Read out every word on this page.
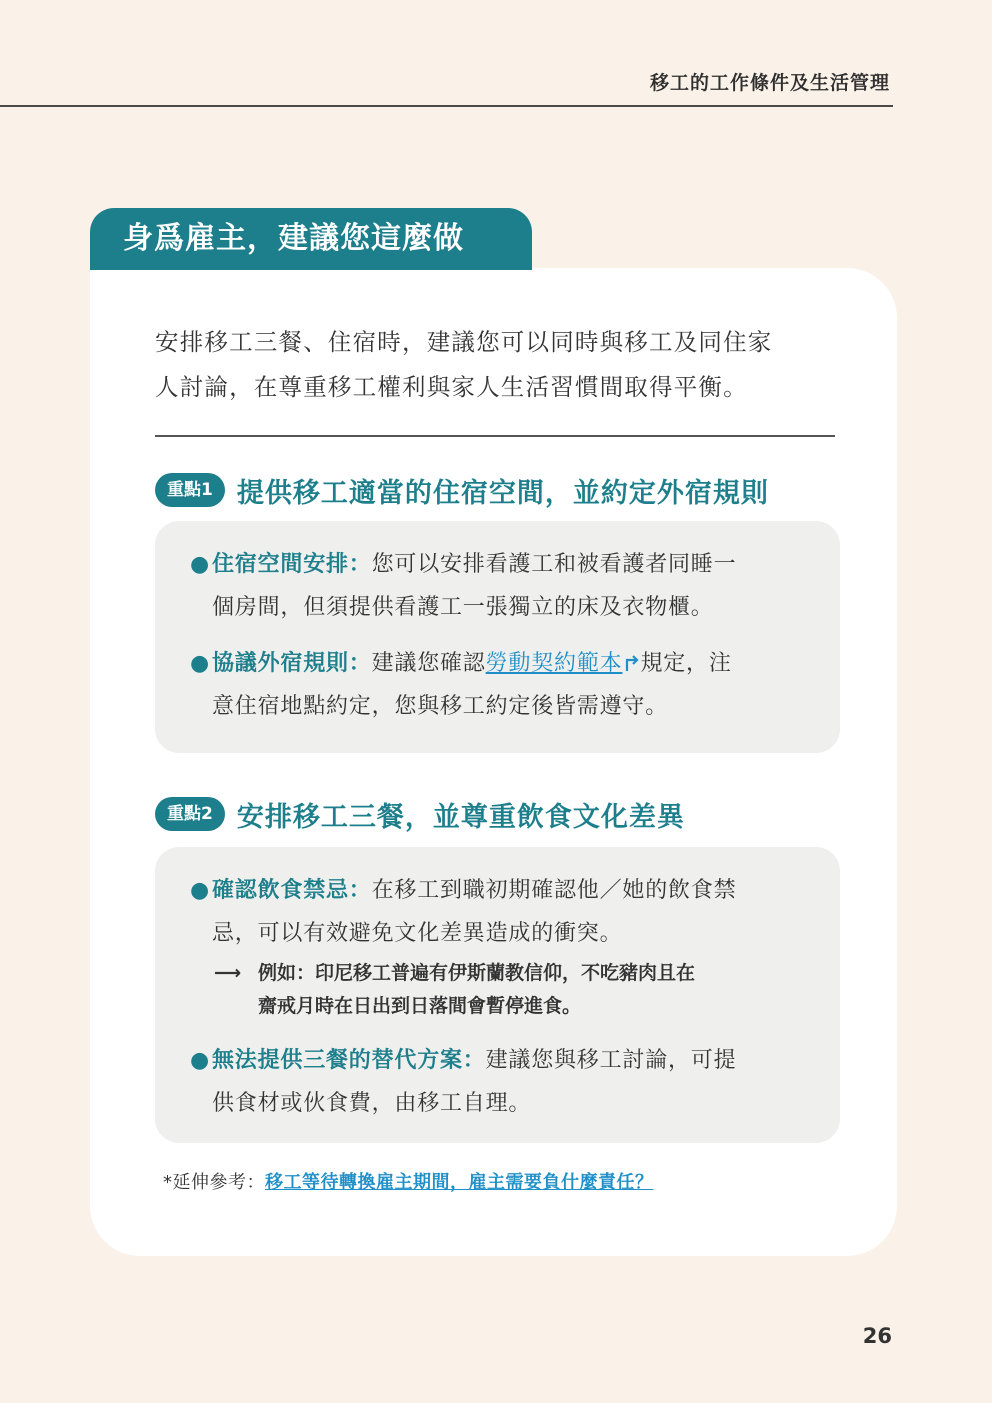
移工的工作條件及生活管理
身爲雇主，建議您這麼做
安排移工三餐、住宿時，建議您可以同時與移工及同住家
人討論，在尊重移工權利與家人生活習慣間取得平衡。
重點1 提供移工適當的住宿空間，並約定外宿規則
● 住宿空間安排：您可以安排看護工和被看護者同睡一
個房間，但須提供看護工一張獨立的床及衣物櫃。
● 協議外宿規則：建議您確認勞動契約範本 規定，注
意住宿地點約定，您與移工約定後皆需遵守。
重點2 安排移工三餐，並尊重飲食文化差異
● 確認飲食禁忌：在移工到職初期確認他／她的飲食禁
忌，可以有效避免文化差異造成的衝突。
⟶ 例如：印尼移工普遍有伊斯蘭教信仰，不吃豬肉且在
齋戒月時在日出到日落間會暫停進食。
● 無法提供三餐的替代方案：建議您與移工討論，可提
供食材或伙食費，由移工自理。
*延伸參考：移工等待轉換雇主期間，雇主需要負什麼責任？
26
